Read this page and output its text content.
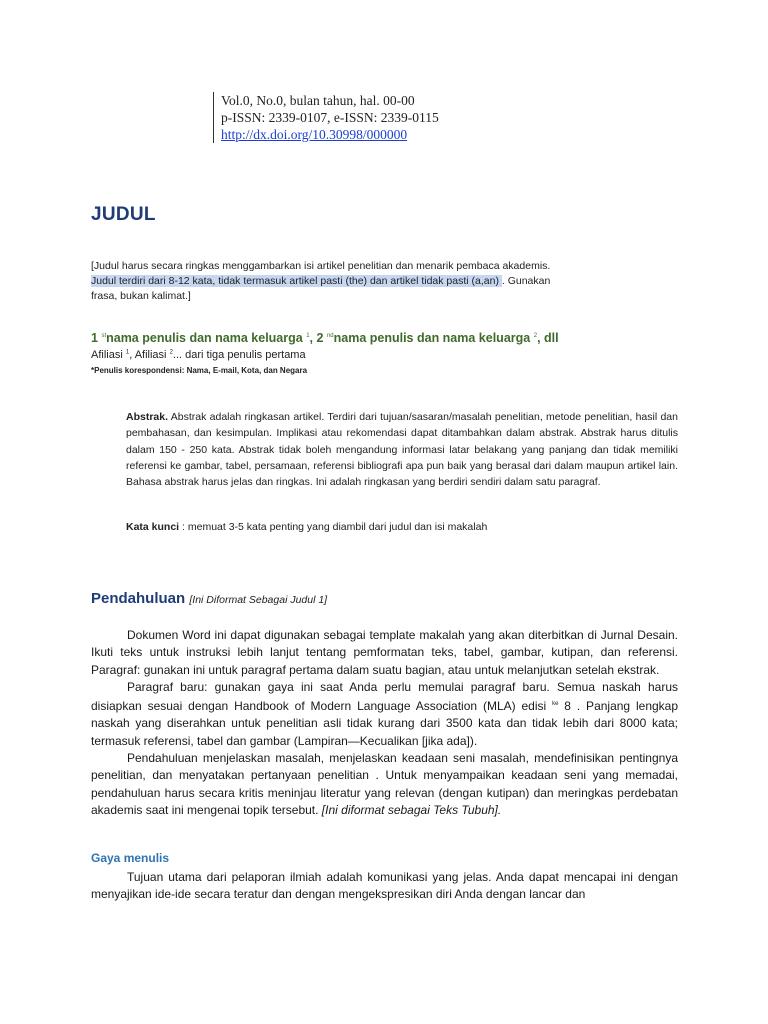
Vol.0, No.0, bulan tahun, hal. 00-00
p-ISSN: 2339-0107, e-ISSN: 2339-0115
http://dx.doi.org/10.30998/000000
JUDUL
[Judul harus secara ringkas menggambarkan isi artikel penelitian dan menarik pembaca akademis. Judul terdiri dari 8-12 kata, tidak termasuk artikel pasti (the) dan artikel tidak pasti (a,an) . Gunakan frasa, bukan kalimat.]
1 $^{st}$nama penulis dan nama keluarga $^1$, 2 $^{nd}$nama penulis dan nama keluarga $^2$, dll
Afiliasi $^1$, Afiliasi $^2$... dari tiga penulis pertama
*Penulis korespondensi: Nama, E-mail, Kota, dan Negara
Abstrak. Abstrak adalah ringkasan artikel. Terdiri dari tujuan/sasaran/masalah penelitian, metode penelitian, hasil dan pembahasan, dan kesimpulan. Implikasi atau rekomendasi dapat ditambahkan dalam abstrak. Abstrak harus ditulis dalam 150 - 250 kata. Abstrak tidak boleh mengandung informasi latar belakang yang panjang dan tidak memiliki referensi ke gambar, tabel, persamaan, referensi bibliografi apa pun baik yang berasal dari dalam maupun artikel lain. Bahasa abstrak harus jelas dan ringkas. Ini adalah ringkasan yang berdiri sendiri dalam satu paragraf.
Kata kunci : memuat 3-5 kata penting yang diambil dari judul dan isi makalah
Pendahuluan [Ini Diformat Sebagai Judul 1]

Dokumen Word ini dapat digunakan sebagai template makalah yang akan diterbitkan di Jurnal Desain. Ikuti teks untuk instruksi lebih lanjut tentang pemformatan teks, tabel, gambar, kutipan, dan referensi. Paragraf: gunakan ini untuk paragraf pertama dalam suatu bagian, atau untuk melanjutkan setelah ekstrak.

Paragraf baru: gunakan gaya ini saat Anda perlu memulai paragraf baru. Semua naskah harus disiapkan sesuai dengan Handbook of Modern Language Association (MLA) edisi $^{ke}$ 8 . Panjang lengkap naskah yang diserahkan untuk penelitian asli tidak kurang dari 3500 kata dan tidak lebih dari 8000 kata; termasuk referensi, tabel dan gambar (Lampiran—Kecualikan [jika ada]).

Pendahuluan menjelaskan masalah, menjelaskan keadaan seni masalah, mendefinisikan pentingnya penelitian, dan menyatakan pertanyaan penelitian . Untuk menyampaikan keadaan seni yang memadai, pendahuluan harus secara kritis meninjau literatur yang relevan (dengan kutipan) dan meringkas perdebatan akademis saat ini mengenai topik tersebut. [Ini diformat sebagai Teks Tubuh].

Gaya menulis

Tujuan utama dari pelaporan ilmiah adalah komunikasi yang jelas. Anda dapat mencapai ini dengan menyajikan ide-ide secara teratur dan dengan mengekspresikan diri Anda dengan lancar dan
